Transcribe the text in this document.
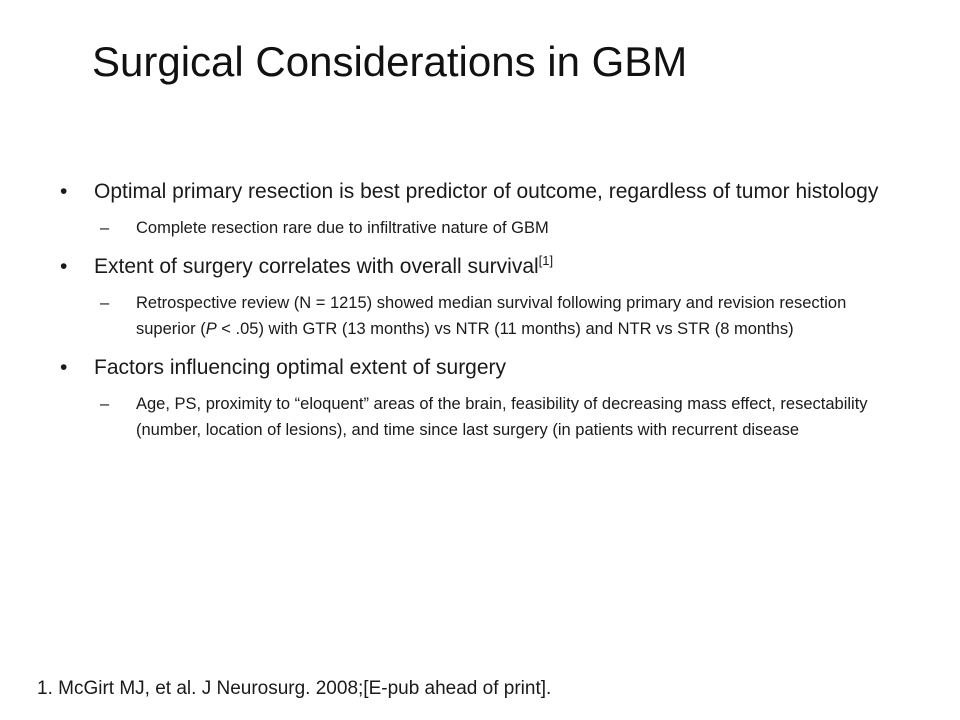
Surgical Considerations in GBM
•	Optimal primary resection is best predictor of outcome, regardless of tumor histology
– Complete resection rare due to infiltrative nature of GBM
•	Extent of surgery correlates with overall survival[1]
– Retrospective review (N = 1215) showed median survival following primary and revision resection superior (P < .05) with GTR (13 months) vs NTR (11 months) and NTR vs STR (8 months)
•	Factors influencing optimal extent of surgery
– Age, PS, proximity to “eloquent” areas of the brain, feasibility of decreasing mass effect, resectability (number, location of lesions), and time since last surgery (in patients with recurrent disease
1. McGirt MJ, et al. J Neurosurg. 2008;[E-pub ahead of print].
